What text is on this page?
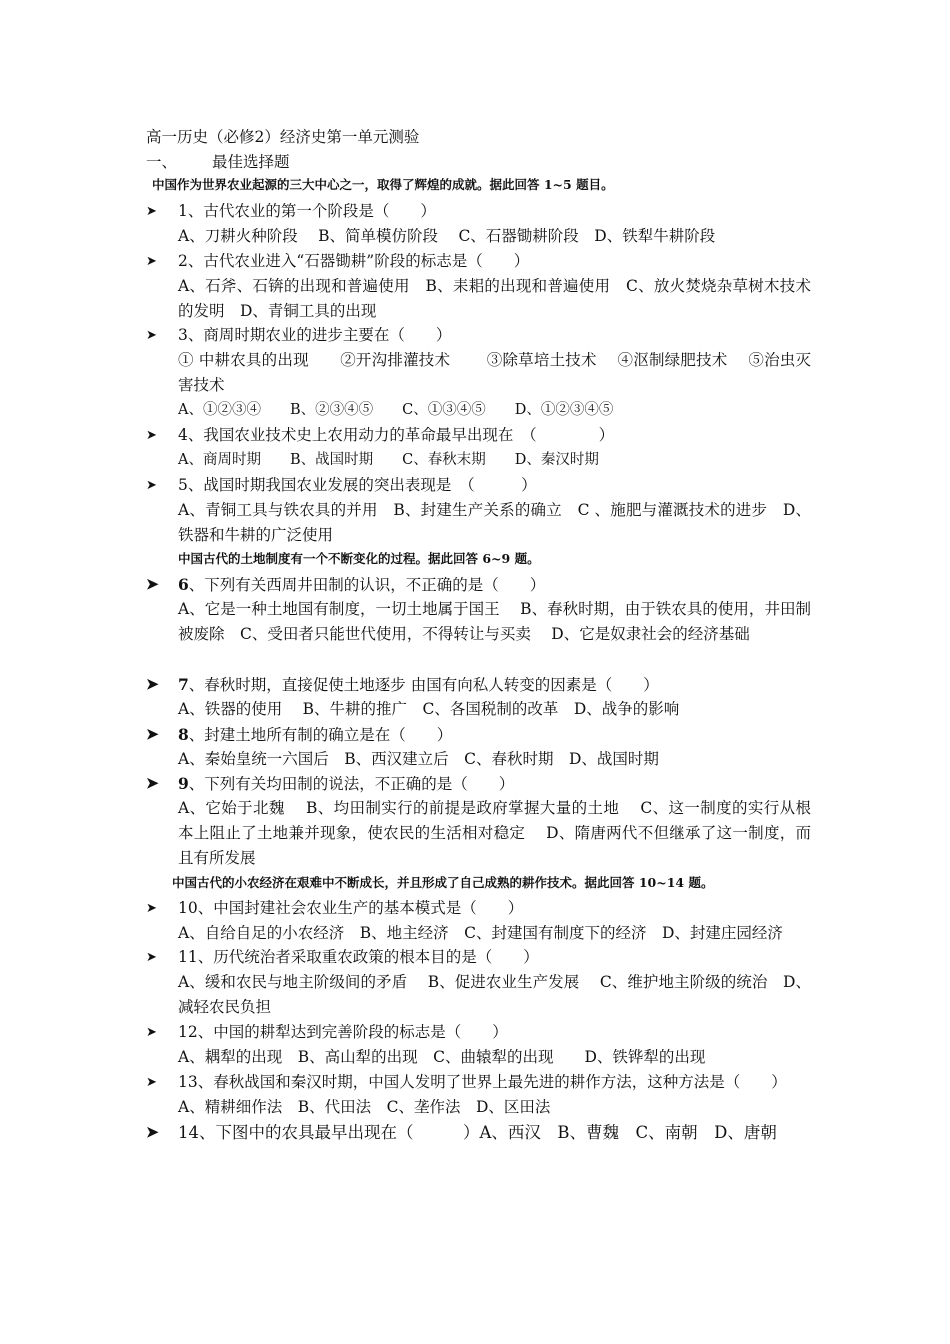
高一历史（必修2）经济史第一单元测验
一、 最佳选择题
中国作为世界农业起源的三大中心之一，取得了辉煌的成就。据此回答 1~5 题目。
➤	1、古代农业的第一个阶段是（　　）
A、刀耕火种阶段　 B、简单模仿阶段　 C、石器锄耕阶段　D、铁犁牛耕阶段
➤	2、古代农业进入“石器锄耕”阶段的标志是（　　）
A、石斧、石锛的出现和普遍使用　B、耒耜的出现和普遍使用　C、放火焚烧杂草树木技术的发明　D、青铜工具的出现
➤	3、商周时期农业的进步主要在（　　）
① 中耕农具的出现　　②开沟排灌技术　　 ③除草培土技术　 ④沤制绿肥技术　 ⑤治虫灭害技术
A、①②③④　　B、②③④⑤　　C、①③④⑤　　D、①②③④⑤
➤	4、我国农业技术史上农用动力的革命最早出现在　（　　　　）
A、商周时期　　B、战国时期　　C、春秋末期　　D、秦汉时期
➤	5、战国时期我国农业发展的突出表现是　（　　　）
A、青铜工具与铁农具的并用　B、封建生产关系的确立　C 、施肥与灌溉技术的进步　D、铁器和牛耕的广泛使用
中国古代的土地制度有一个不断变化的过程。据此回答 6~9 题。
➤	6、下列有关西周井田制的认识，不正确的是（　　）
A、它是一种土地国有制度，一切土地属于国王　 B、春秋时期，由于铁农具的使用，井田制被废除　C、受田者只能世代使用，不得转让与买卖　 D、它是奴隶社会的经济基础
➤	7、春秋时期，直接促使土地逐步 由国有向私人转变的因素是（　　）
A、铁器的使用　 B、牛耕的推广　C、各国税制的改革　D、战争的影响
➤	8、封建土地所有制的确立是在（　　）
A、秦始皇统一六国后　B、西汉建立后　C、春秋时期　D、战国时期
➤	9、下列有关均田制的说法，不正确的是（　　）
A、它始于北魏　 B、均田制实行的前提是政府掌握大量的土地　 C、这一制度的实行从根本上阻止了土地兼并现象，使农民的生活相对稳定　 D、隋唐两代不但继承了这一制度，而且有所发展
中国古代的小农经济在艰难中不断成长，并且形成了自己成熟的耕作技术。据此回答 10~14 题。
➤	10、中国封建社会农业生产的基本模式是（　　）
A、自给自足的小农经济　B、地主经济　C、封建国有制度下的经济　D、封建庄园经济
➤	11、历代统治者采取重农政策的根本目的是（　　）
A、缓和农民与地主阶级间的矛盾　 B、促进农业生产发展　 C、维护地主阶级的统治　D、减轻农民负担
➤	12、中国的耕犁达到完善阶段的标志是（　　）
A、耦犁的出现　B、高山犁的出现　C、曲辕犁的出现　　D、铁铧犁的出现
➤	13、春秋战国和秦汉时期，中国人发明了世界上最先进的耕作方法，这种方法是（　　）
A、精耕细作法　B、代田法　C、垄作法　D、区田法
➤	14、下图中的农具最早出现在（　　　）A、西汉　B、曹魏　C、南朝　D、唐朝
